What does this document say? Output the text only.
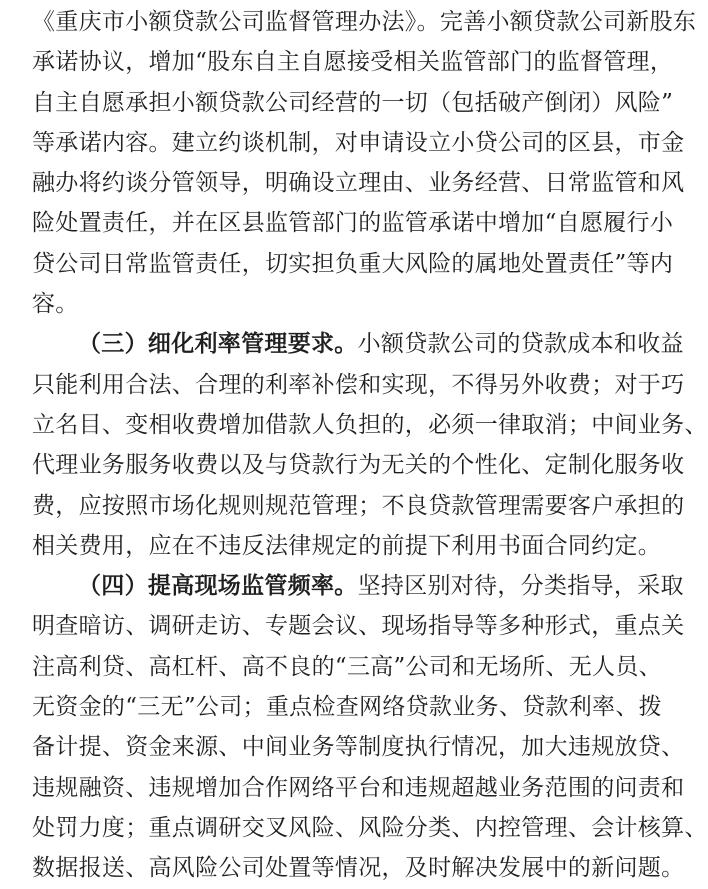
《重庆市小额贷款公司监督管理办法》。完善小额贷款公司新股东
承诺协议，增加“股东自主自愿接受相关监管部门的监督管理，
自主自愿承担小额贷款公司经营的一切（包括破产倒闭）风险”
等承诺内容。建立约谈机制，对申请设立小贷公司的区县，市金
融办将约谈分管领导，明确设立理由、业务经营、日常监管和风
险处置责任，并在区县监管部门的监管承诺中增加“自愿履行小
贷公司日常监管责任，切实担负重大风险的属地处置责任”等内
容。
（三）细化利率管理要求。小额贷款公司的贷款成本和收益
只能利用合法、合理的利率补偿和实现，不得另外收费；对于巧
立名目、变相收费增加借款人负担的，必须一律取消；中间业务、
代理业务服务收费以及与贷款行为无关的个性化、定制化服务收
费，应按照市场化规则规范管理；不良贷款管理需要客户承担的
相关费用，应在不违反法律规定的前提下利用书面合同约定。
（四）提高现场监管频率。坚持区别对待，分类指导，采取
明查暗访、调研走访、专题会议、现场指导等多种形式，重点关
注高利贷、高杠杆、高不良的“三高”公司和无场所、无人员、
无资金的“三无”公司；重点检查网络贷款业务、贷款利率、拨
备计提、资金来源、中间业务等制度执行情况，加大违规放贷、
违规融资、违规增加合作网络平台和违规超越业务范围的问责和
处罚力度；重点调研交叉风险、风险分类、内控管理、会计核算、
数据报送、高风险公司处置等情况，及时解决发展中的新问题。
